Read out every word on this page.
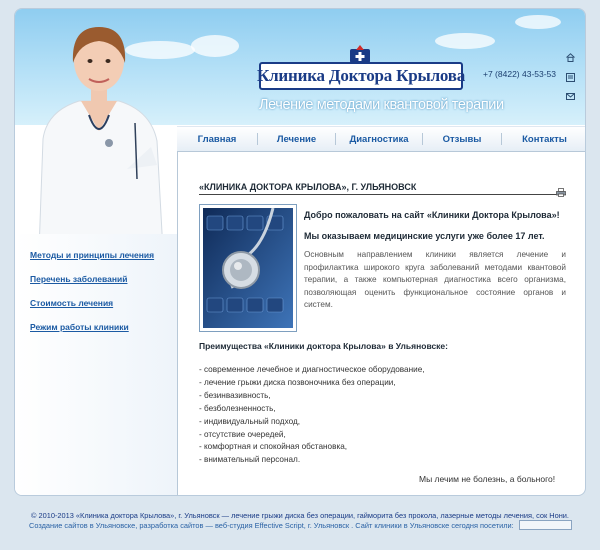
Клиника Доктора Крылова
Лечение методами квантовой терапии
+7 (8422) 43-53-53
Главная	Лечение	Диагностика	Отзывы	Контакты
Методы и принципы лечения
Перечень заболеваний
Стоимость лечения
Режим работы клиники
«КЛИНИКА ДОКТОРА КРЫЛОВА», Г. УЛЬЯНОВСК
Добро пожаловать на сайт «Клиники Доктора Крылова»!
Мы оказываем медицинские услуги уже более 17 лет.

Основным направлением клиники является лечение и профилактика широкого круга заболеваний методами квантовой терапии, а также компьютерная диагностика всего организма, позволяющая оценить функциональное состояние органов и систем.

Преимущества «Клиники доктора Крылова» в Ульяновске:
- современное лечебное и диагностическое оборудование,
- лечение грыжи диска позвоночника без операции,
- безинвазивность,
- безболезненность,
- индивидуальный подход,
- отсутствие очередей,
- комфортная и спокойная обстановка,
- внимательный персонал.
Мы лечим не болезнь, а больного!
© 2010-2013 «Клиника доктора Крылова», г. Ульяновск — лечение грыжи диска без операции, гайморита без прокола, лазерные методы лечения, сок Нони.
Создание сайтов в Ульяновске, разработка сайтов — веб-студия Effective Script, г. Ульяновск . Сайт клиники в Ульяновске сегодня посетили:
